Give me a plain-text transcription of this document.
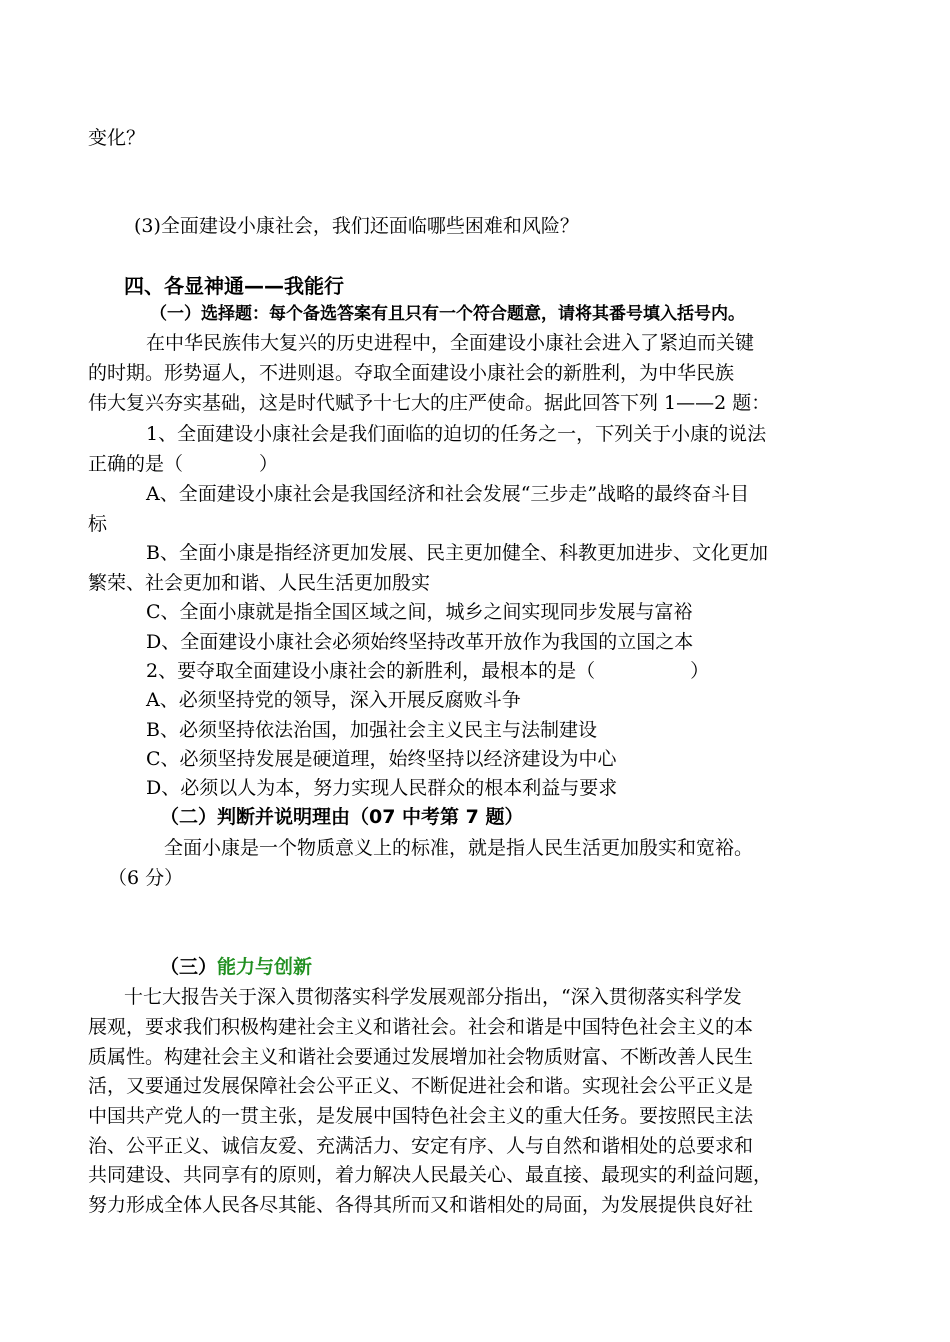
变化？
(3)全面建设小康社会，我们还面临哪些困难和风险？
四、各显神通——我能行
（一）选择题：每个备选答案有且只有一个符合题意，请将其番号填入括号内。
在中华民族伟大复兴的历史进程中，全面建设小康社会进入了紧迫而关键
的时期。形势逼人，不进则退。夺取全面建设小康社会的新胜利，为中华民族
伟大复兴夯实基础，这是时代赋予十七大的庄严使命。据此回答下列 1——2 题：
1、全面建设小康社会是我们面临的迫切的任务之一，下列关于小康的说法
正确的是（　　　　）
A、全面建设小康社会是我国经济和社会发展“三步走”战略的最终奋斗目
标
B、全面小康是指经济更加发展、民主更加健全、科教更加进步、文化更加
繁荣、社会更加和谐、人民生活更加殷实
C、全面小康就是指全国区域之间，城乡之间实现同步发展与富裕
D、全面建设小康社会必须始终坚持改革开放作为我国的立国之本
2、要夺取全面建设小康社会的新胜利，最根本的是（　　　　　）
A、必须坚持党的领导，深入开展反腐败斗争
B、必须坚持依法治国，加强社会主义民主与法制建设
C、必须坚持发展是硬道理，始终坚持以经济建设为中心
D、必须以人为本，努力实现人民群众的根本利益与要求
（二）判断并说明理由（07 中考第 7 题）
全面小康是一个物质意义上的标准，就是指人民生活更加殷实和宽裕。
（6 分）
（三）能力与创新
十七大报告关于深入贯彻落实科学发展观部分指出，“深入贯彻落实科学发
展观，要求我们积极构建社会主义和谐社会。社会和谐是中国特色社会主义的本
质属性。构建社会主义和谐社会要通过发展增加社会物质财富、不断改善人民生
活，又要通过发展保障社会公平正义、不断促进社会和谐。实现社会公平正义是
中国共产党人的一贯主张，是发展中国特色社会主义的重大任务。要按照民主法
治、公平正义、诚信友爱、充满活力、安定有序、人与自然和谐相处的总要求和
共同建设、共同享有的原则，着力解决人民最关心、最直接、最现实的利益问题，
努力形成全体人民各尽其能、各得其所而又和谐相处的局面，为发展提供良好社
